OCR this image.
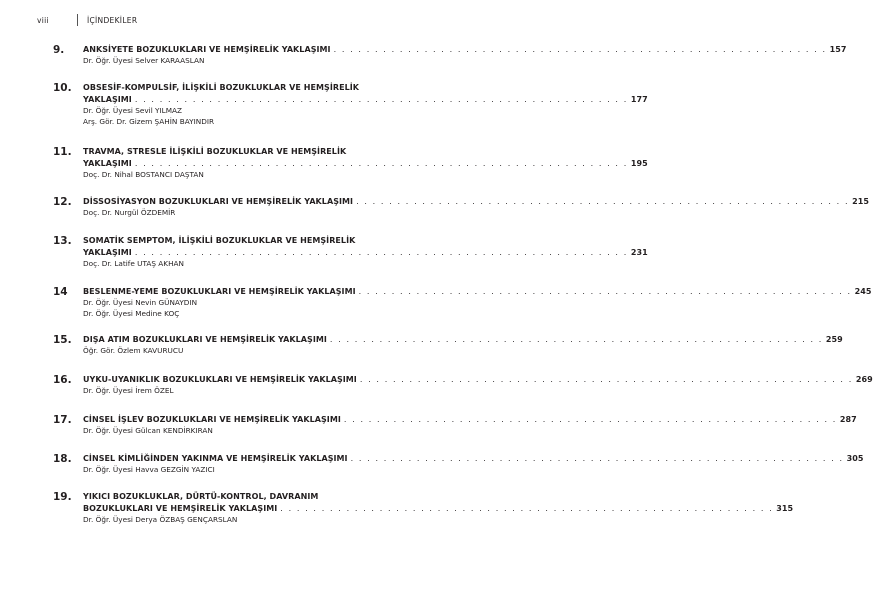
viii	İÇİNDEKİLER
9. ANKSİYETE BOZUKLUKLARI VE HEMŞİRELİK YAKLAŞIMI . . . . . . . . . . . . . . . . . . . . . . . . . . . . . . . . . . . . . . . . . . . . . . . . . . . . . . . . . . . . 157
Dr. Öğr. Üyesi Selver KARAASLAN
10. OBSESİF-KOMPULSİF, İLİŞKİLİ BOZUKLUKLAR VE HEMŞİRELİK
YAKLAŞIMI . . . . . . . . . . . . . . . . . . . . . . . . . . . . . . . . . . . . . . . . . . . . . . . . . . . . . . . . . . . . 177
Dr. Öğr. Üyesi Sevil YILMAZ
Arş. Gör. Dr. Gizem ŞAHİN BAYINDIR
11. TRAVMA, STRESLE İLİŞKİLİ BOZUKLUKLAR VE HEMŞİRELİK
YAKLAŞIMI . . . . . . . . . . . . . . . . . . . . . . . . . . . . . . . . . . . . . . . . . . . . . . . . . . . . . . . . . . . . 195
Doç. Dr. Nihal BOSTANCI DAŞTAN
12. DİSSOSİYASYON BOZUKLUKLARI VE HEMŞİRELİK YAKLAŞIMI . . . . . . . . . . . . . . . . . . . . . . . . . . . . . . . . . . . . . . . . . . . . . . . . . . . . . . . . . . . . 215
Doç. Dr. Nurgül ÖZDEMİR
13. SOMATİK SEMPTOM, İLİŞKİLİ BOZUKLUKLAR VE HEMŞİRELİK
YAKLAŞIMI . . . . . . . . . . . . . . . . . . . . . . . . . . . . . . . . . . . . . . . . . . . . . . . . . . . . . . . . . . . . 231
Doç. Dr. Latife UTAŞ AKHAN
14 BESLENME-YEME BOZUKLUKLARI VE HEMŞİRELİK YAKLAŞIMI . . . . . . . . . . . . . . . . . . . . . . . . . . . . . . . . . . . . . . . . . . . . . . . . . . . . . . . . . . . . 245
Dr. Öğr. Üyesi Nevin GÜNAYDIN
Dr. Öğr. Üyesi Medine KOÇ
15. DIŞA ATIM BOZUKLUKLARI VE HEMŞİRELİK YAKLAŞIMI . . . . . . . . . . . . . . . . . . . . . . . . . . . . . . . . . . . . . . . . . . . . . . . . . . . . . . . . . . . . 259
Öğr. Gör. Özlem KAVURUCU
16. UYKU-UYANIKLIK BOZUKLUKLARI VE HEMŞİRELİK YAKLAŞIMI . . . . . . . . . . . . . . . . . . . . . . . . . . . . . . . . . . . . . . . . . . . . . . . . . . . . . . . . . . . . 269
Dr. Öğr. Üyesi İrem ÖZEL
17. CİNSEL İŞLEV BOZUKLUKLARI VE HEMŞİRELİK YAKLAŞIMI . . . . . . . . . . . . . . . . . . . . . . . . . . . . . . . . . . . . . . . . . . . . . . . . . . . . . . . . . . . . 287
Dr. Öğr. Üyesi Gülcan KENDİRKIRAN
18. CİNSEL KİMLİĞİNDEN YAKINMA VE HEMŞİRELİK YAKLAŞIMI . . . . . . . . . . . . . . . . . . . . . . . . . . . . . . . . . . . . . . . . . . . . . . . . . . . . . . . . . . . . 305
Dr. Öğr. Üyesi Havva GEZGİN YAZICI
19. YIKICI BOZUKLUKLAR, DÜRTÜ-KONTROL, DAVRANIM
BOZUKLUKLARI VE HEMŞİRELİK YAKLAŞIMI . . . . . . . . . . . . . . . . . . . . . . . . . . . . . . . . . . . . . . . . . . . . . . . . . . . . . . . . . . . . 315
Dr. Öğr. Üyesi Derya ÖZBAŞ GENÇARSLAN
